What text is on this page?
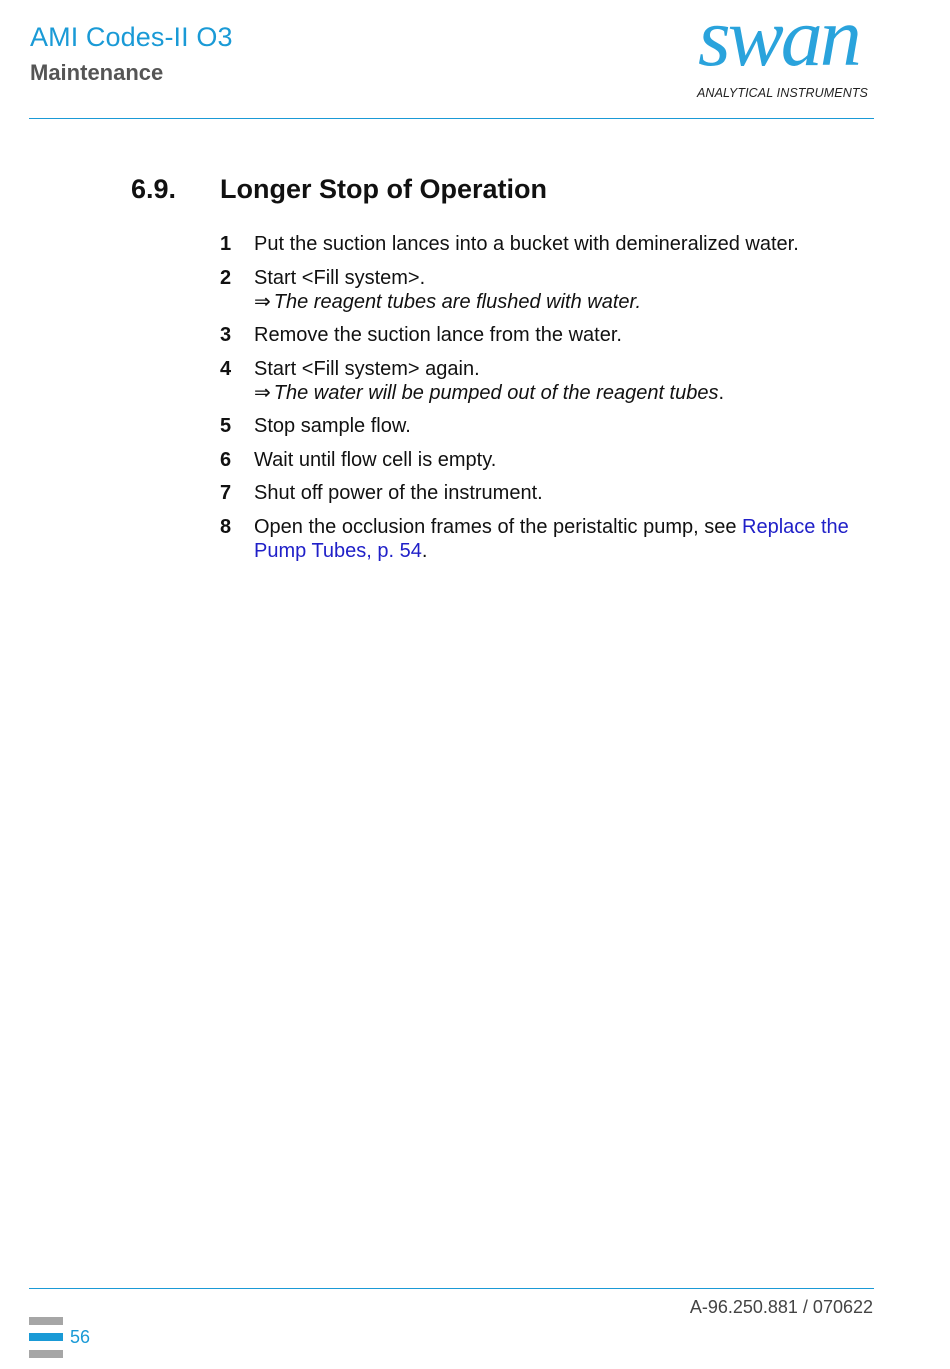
AMI Codes-II O3
Maintenance	swan
ANALYTICAL INSTRUMENTS
6.9. Longer Stop of Operation
1	Put the suction lances into a bucket with demineralized water.
2	Start <Fill system>.
⇒ The reagent tubes are flushed with water.
3	Remove the suction lance from the water.
4	Start <Fill system> again.
⇒ The water will be pumped out of the reagent tubes.
5	Stop sample flow.
6	Wait until flow cell is empty.
7	Shut off power of the instrument.
8	Open the occlusion frames of the peristaltic pump, see Replace the Pump Tubes, p. 54.
A-96.250.881 / 070622
56
